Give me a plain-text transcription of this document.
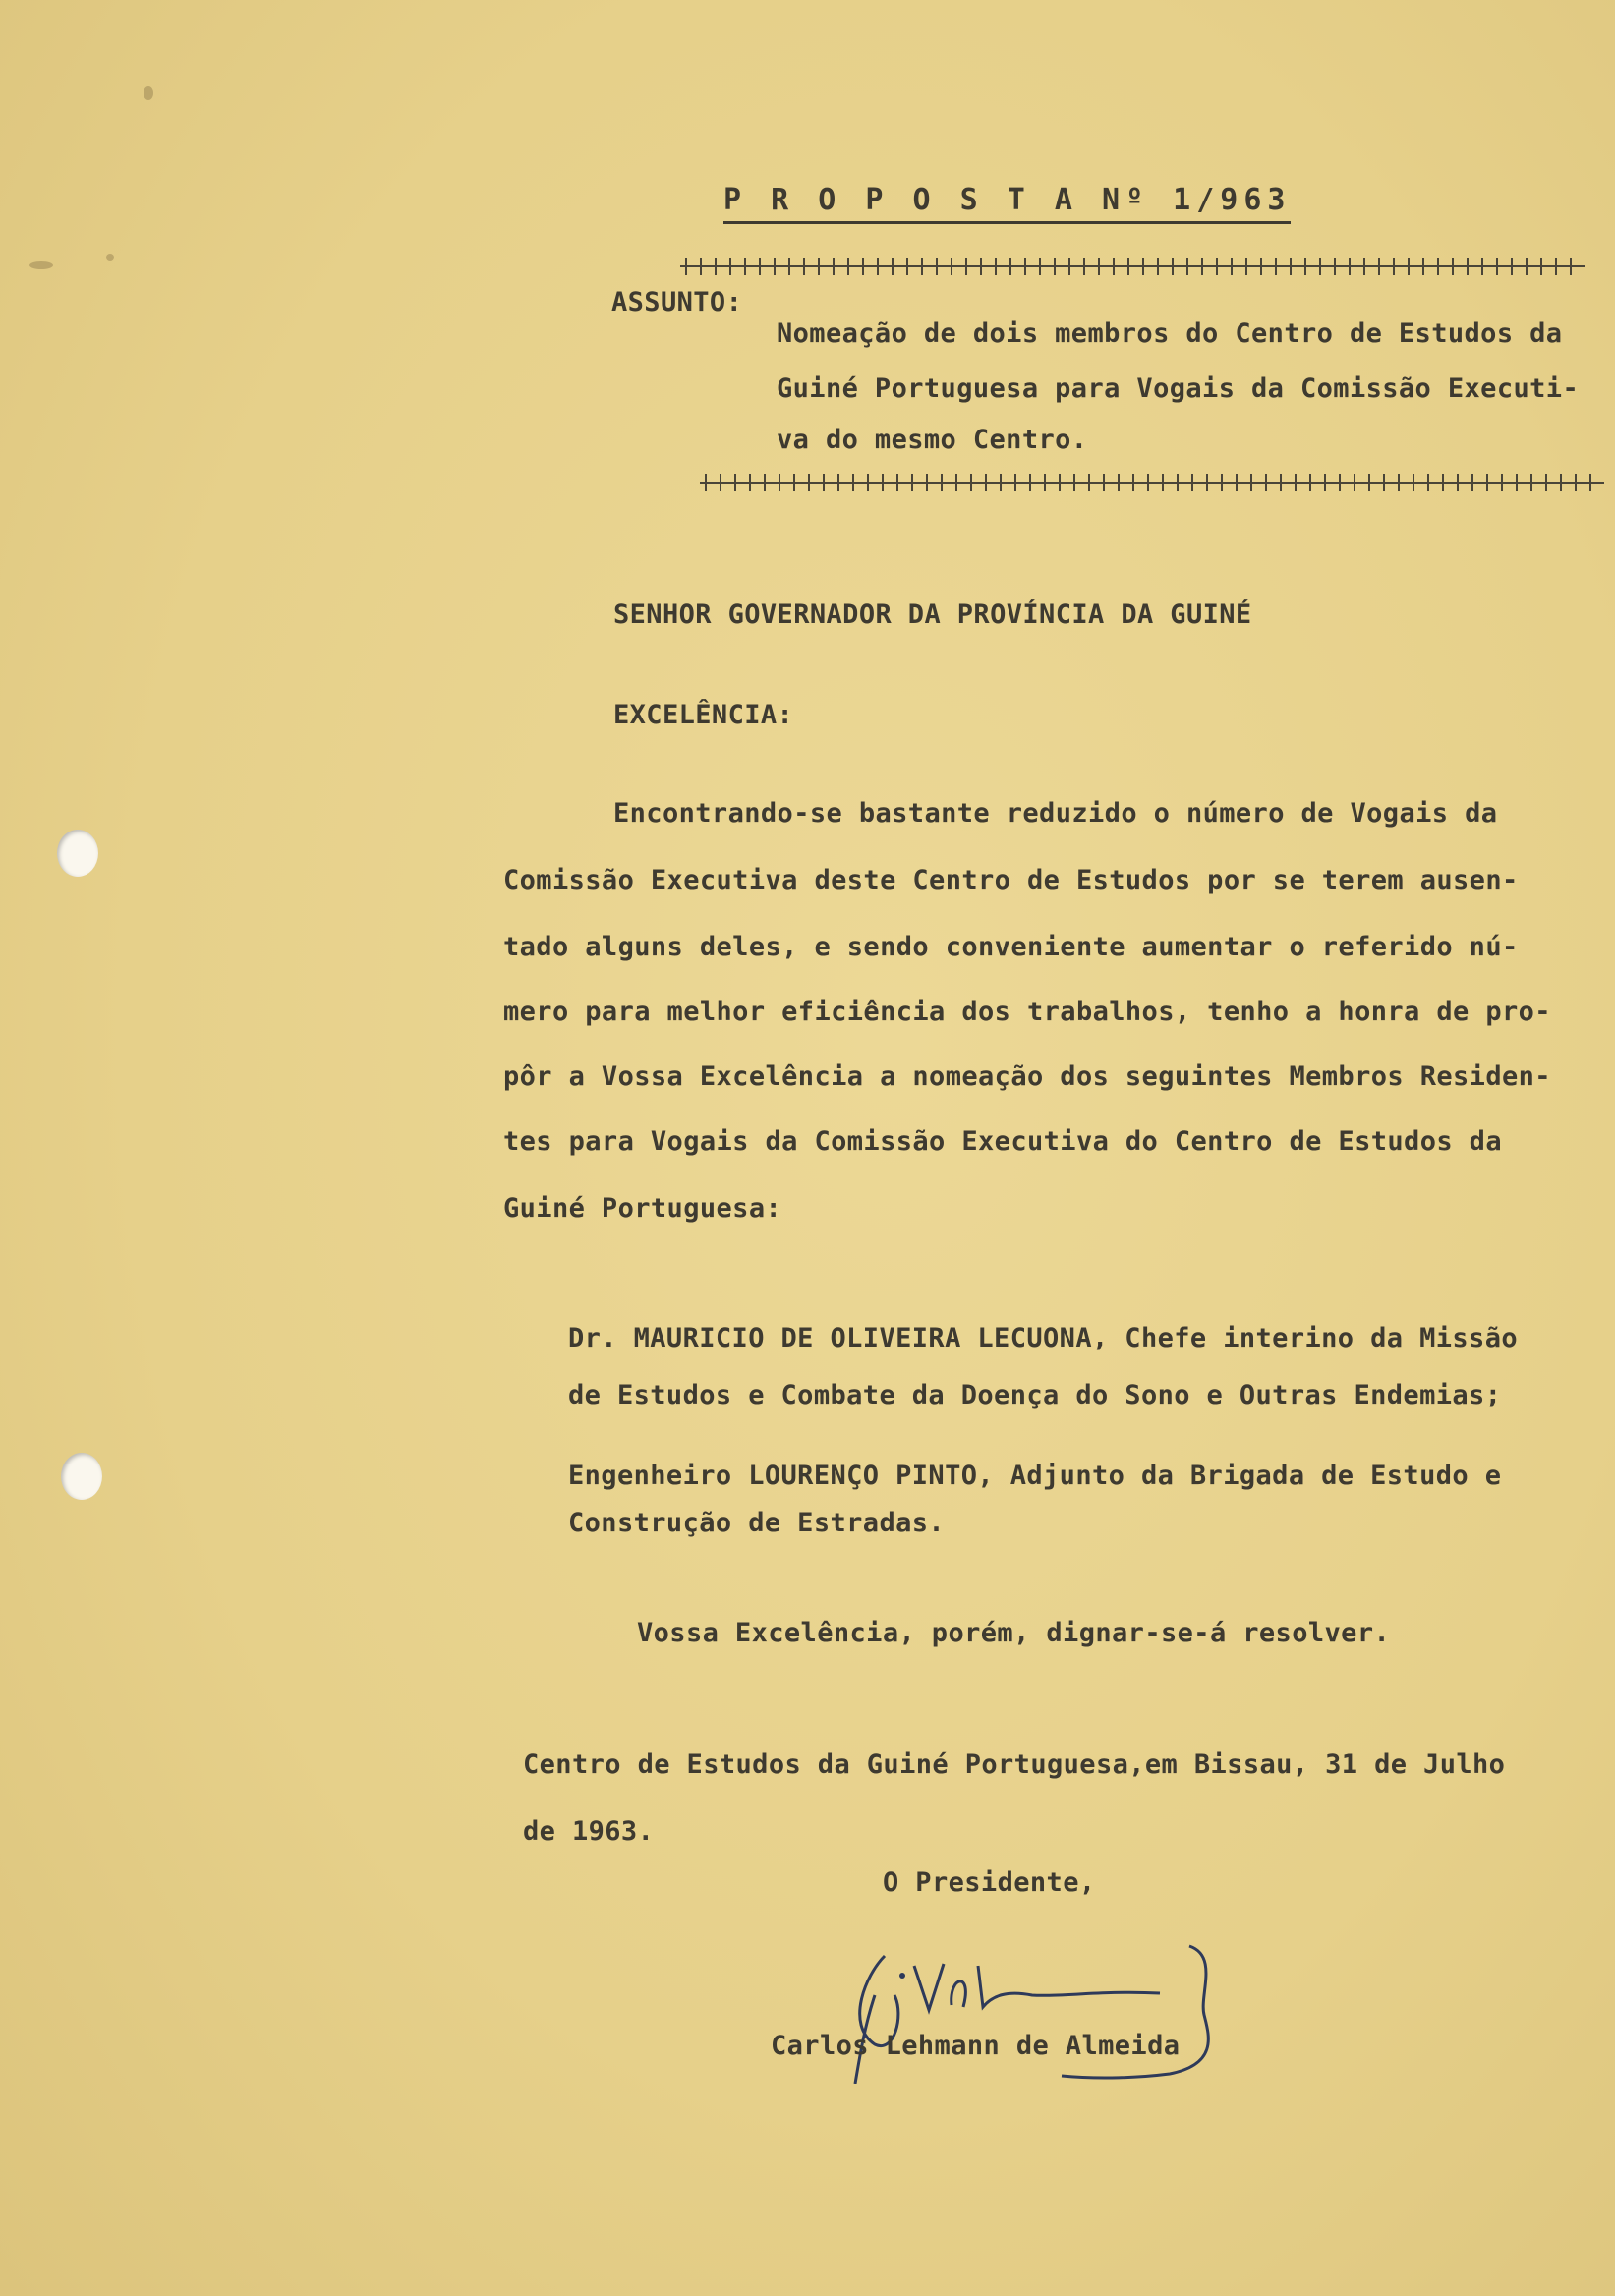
P R O P O S T A Nº 1/963
ASSUNTO:
Nomeação de dois membros do Centro de Estudos da
Guiné Portuguesa para Vogais da Comissão Executi-
va do mesmo Centro.
SENHOR GOVERNADOR DA PROVÍNCIA DA GUINÉ
EXCELÊNCIA:
Encontrando-se bastante reduzido o número de Vogais da
Comissão Executiva deste Centro de Estudos por se terem ausen-
tado alguns deles, e sendo conveniente aumentar o referido nú-
mero para melhor eficiência dos trabalhos, tenho a honra de pro-
pôr a Vossa Excelência a nomeação dos seguintes Membros Residen-
tes para Vogais da Comissão Executiva do Centro de Estudos da
Guiné Portuguesa:
Dr. MAURICIO DE OLIVEIRA LECUONA, Chefe interino da Missão
de Estudos e Combate da Doença do Sono e Outras Endemias;
Engenheiro LOURENÇO PINTO, Adjunto da Brigada de Estudo e
Construção de Estradas.
Vossa Excelência, porém, dignar-se-á resolver.
Centro de Estudos da Guiné Portuguesa,em Bissau, 31 de Julho
de 1963.
O Presidente,
Carlos Lehmann de Almeida
